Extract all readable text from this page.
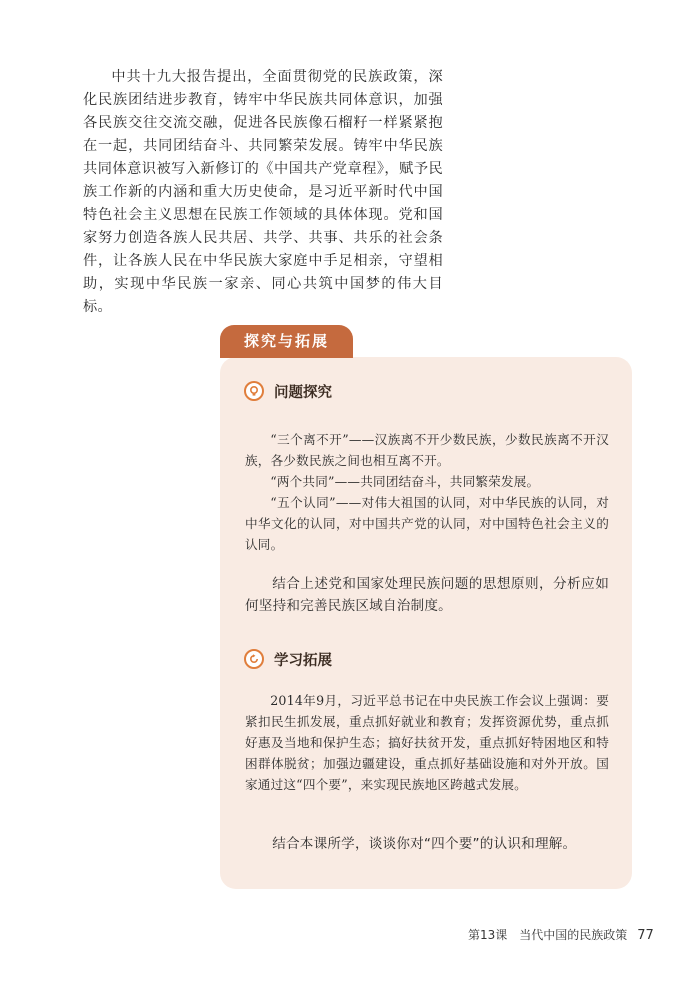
中共十九大报告提出，全面贯彻党的民族政策，深化民族团结进步教育，铸牢中华民族共同体意识，加强各民族交往交流交融，促进各民族像石榴籽一样紧紧抱在一起，共同团结奋斗、共同繁荣发展。铸牢中华民族共同体意识被写入新修订的《中国共产党章程》，赋予民族工作新的内涵和重大历史使命，是习近平新时代中国特色社会主义思想在民族工作领域的具体体现。党和国家努力创造各族人民共居、共学、共事、共乐的社会条件，让各族人民在中华民族大家庭中手足相亲，守望相助，实现中华民族一家亲、同心共筑中国梦的伟大目标。

探究与拓展
问题探究

“三个离不开”——汉族离不开少数民族，少数民族离不开汉族，各少数民族之间也相互离不开。

“两个共同”——共同团结奋斗，共同繁荣发展。

“五个认同”——对伟大祖国的认同，对中华民族的认同，对中华文化的认同，对中国共产党的认同，对中国特色社会主义的认同。

结合上述党和国家处理民族问题的思想原则，分析应如何坚持和完善民族区域自治制度。

学习拓展

2014年9月，习近平总书记在中央民族工作会议上强调：要紧扣民生抓发展，重点抓好就业和教育；发挥资源优势，重点抓好惠及当地和保护生态；搞好扶贫开发，重点抓好特困地区和特困群体脱贫；加强边疆建设，重点抓好基础设施和对外开放。国家通过这“四个要”，来实现民族地区跨越式发展。

结合本课所学，谈谈你对“四个要”的认识和理解。

第13课　当代中国的民族政策 77
